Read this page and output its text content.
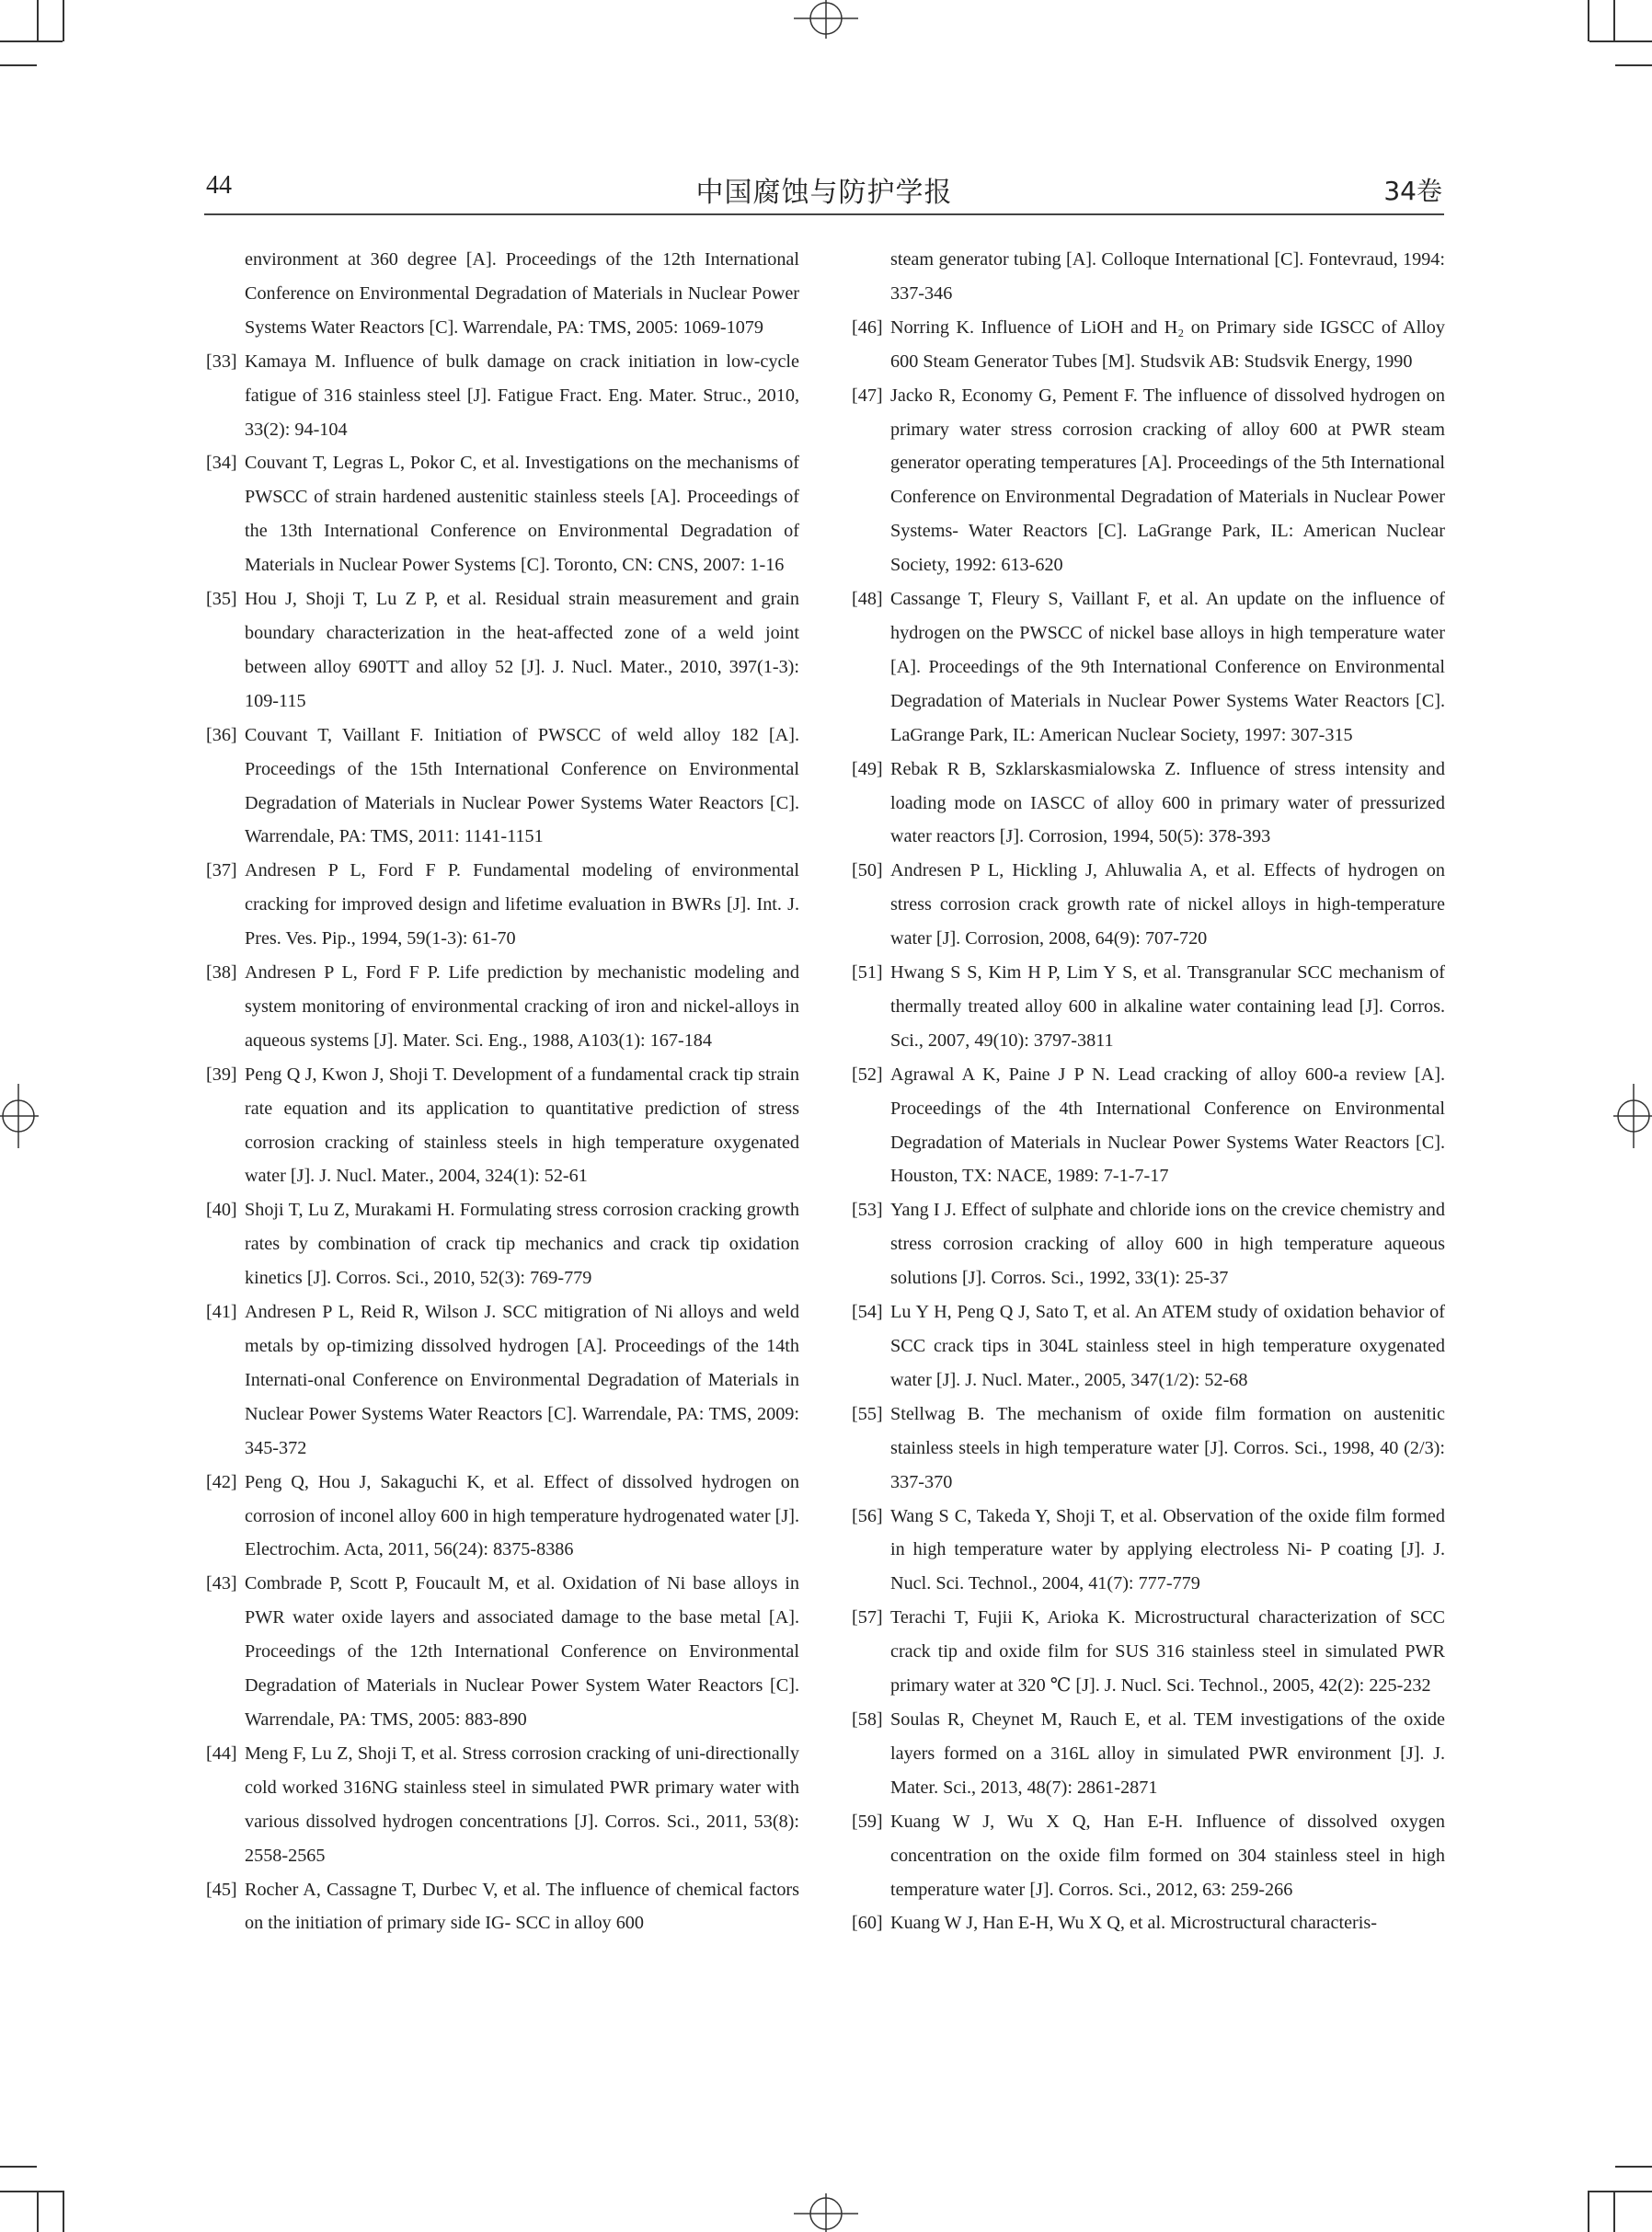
44	中国腐蚀与防护学报	34卷

environment at 360 degree [A]. Proceedings of the 12th International Conference on Environmental Degradation of Materials in Nuclear Power Systems Water Reactors [C]. Warrendale, PA: TMS, 2005: 1069-1079

[33] Kamaya M. Influence of bulk damage on crack initiation in low-cycle fatigue of 316 stainless steel [J]. Fatigue Fract. Eng. Mater. Struc., 2010, 33(2): 94-104

[34] Couvant T, Legras L, Pokor C, et al. Investigations on the mechanisms of PWSCC of strain hardened austenitic stainless steels [A]. Proceedings of the 13th International Conference on Environmental Degradation of Materials in Nuclear Power Systems [C]. Toronto, CN: CNS, 2007: 1-16

[35] Hou J, Shoji T, Lu Z P, et al. Residual strain measurement and grain boundary characterization in the heat-affected zone of a weld joint between alloy 690TT and alloy 52 [J]. J. Nucl. Mater., 2010, 397(1-3): 109-115

[36] Couvant T, Vaillant F. Initiation of PWSCC of weld alloy 182 [A]. Proceedings of the 15th International Conference on Environmental Degradation of Materials in Nuclear Power Systems Water Reactors [C]. Warrendale, PA: TMS, 2011: 1141-1151

[37] Andresen P L, Ford F P. Fundamental modeling of environmental cracking for improved design and lifetime evaluation in BWRs [J]. Int. J. Pres. Ves. Pip., 1994, 59(1-3): 61-70

[38] Andresen P L, Ford F P. Life prediction by mechanistic modeling and system monitoring of environmental cracking of iron and nickel-alloys in aqueous systems [J]. Mater. Sci. Eng., 1988, A103(1): 167-184

[39] Peng Q J, Kwon J, Shoji T. Development of a fundamental crack tip strain rate equation and its application to quantitative prediction of stress corrosion cracking of stainless steels in high temperature oxygenated water [J]. J. Nucl. Mater., 2004, 324(1): 52-61

[40] Shoji T, Lu Z, Murakami H. Formulating stress corrosion cracking growth rates by combination of crack tip mechanics and crack tip oxidation kinetics [J]. Corros. Sci., 2010, 52(3): 769-779

[41] Andresen P L, Reid R, Wilson J. SCC mitigration of Ni alloys and weld metals by op-timizing dissolved hydrogen [A]. Proceedings of the 14th Internati-onal Conference on Environmental Degradation of Materials in Nuclear Power Systems Water Reactors [C]. Warrendale, PA: TMS, 2009: 345-372

[42] Peng Q, Hou J, Sakaguchi K, et al. Effect of dissolved hydrogen on corrosion of inconel alloy 600 in high temperature hydrogenated water [J]. Electrochim. Acta, 2011, 56(24): 8375-8386

[43] Combrade P, Scott P, Foucault M, et al. Oxidation of Ni base alloys in PWR water oxide layers and associated damage to the base metal [A]. Proceedings of the 12th International Conference on Environmental Degradation of Materials in Nuclear Power System Water Reactors [C]. Warrendale, PA: TMS, 2005: 883-890

[44] Meng F, Lu Z, Shoji T, et al. Stress corrosion cracking of uni-directionally cold worked 316NG stainless steel in simulated PWR primary water with various dissolved hydrogen concentrations [J]. Corros. Sci., 2011, 53(8): 2558-2565

[45] Rocher A, Cassagne T, Durbec V, et al. The influence of chemical factors on the initiation of primary side IG- SCC in alloy 600

steam generator tubing [A]. Colloque International [C]. Fontevraud, 1994: 337-346

[46] Norring K. Influence of LiOH and H₂ on Primary side IGSCC of Alloy 600 Steam Generator Tubes [M]. Studsvik AB: Studsvik Energy, 1990

[47] Jacko R, Economy G, Pement F. The influence of dissolved hydrogen on primary water stress corrosion cracking of alloy 600 at PWR steam generator operating temperatures [A]. Proceedings of the 5th International Conference on Environmental Degradation of Materials in Nuclear Power Systems- Water Reactors [C]. LaGrange Park, IL: American Nuclear Society, 1992: 613-620

[48] Cassange T, Fleury S, Vaillant F, et al. An update on the influence of hydrogen on the PWSCC of nickel base alloys in high temperature water [A]. Proceedings of the 9th International Conference on Environmental Degradation of Materials in Nuclear Power Systems Water Reactors [C]. LaGrange Park, IL: American Nuclear Society, 1997: 307-315

[49] Rebak R B, Szklarskasmialowska Z. Influence of stress intensity and loading mode on IASCC of alloy 600 in primary water of pressurized water reactors [J]. Corrosion, 1994, 50(5): 378-393

[50] Andresen P L, Hickling J, Ahluwalia A, et al. Effects of hydrogen on stress corrosion crack growth rate of nickel alloys in high-temperature water [J]. Corrosion, 2008, 64(9): 707-720

[51] Hwang S S, Kim H P, Lim Y S, et al. Transgranular SCC mechanism of thermally treated alloy 600 in alkaline water containing lead [J]. Corros. Sci., 2007, 49(10): 3797-3811

[52] Agrawal A K, Paine J P N. Lead cracking of alloy 600-a review [A]. Proceedings of the 4th International Conference on Environmental Degradation of Materials in Nuclear Power Systems Water Reactors [C]. Houston, TX: NACE, 1989: 7-1-7-17

[53] Yang I J. Effect of sulphate and chloride ions on the crevice chemistry and stress corrosion cracking of alloy 600 in high temperature aqueous solutions [J]. Corros. Sci., 1992, 33(1): 25-37

[54] Lu Y H, Peng Q J, Sato T, et al. An ATEM study of oxidation behavior of SCC crack tips in 304L stainless steel in high temperature oxygenated water [J]. J. Nucl. Mater., 2005, 347(1/2): 52-68

[55] Stellwag B. The mechanism of oxide film formation on austenitic stainless steels in high temperature water [J]. Corros. Sci., 1998, 40 (2/3): 337-370

[56] Wang S C, Takeda Y, Shoji T, et al. Observation of the oxide film formed in high temperature water by applying electroless Ni- P coating [J]. J. Nucl. Sci. Technol., 2004, 41(7): 777-779

[57] Terachi T, Fujii K, Arioka K. Microstructural characterization of SCC crack tip and oxide film for SUS 316 stainless steel in simulated PWR primary water at 320 ℃ [J]. J. Nucl. Sci. Technol., 2005, 42(2): 225-232

[58] Soulas R, Cheynet M, Rauch E, et al. TEM investigations of the oxide layers formed on a 316L alloy in simulated PWR environment [J]. J. Mater. Sci., 2013, 48(7): 2861-2871

[59] Kuang W J, Wu X Q, Han E-H. Influence of dissolved oxygen concentration on the oxide film formed on 304 stainless steel in high temperature water [J]. Corros. Sci., 2012, 63: 259-266

[60] Kuang W J, Han E-H, Wu X Q, et al. Microstructural characteris-
